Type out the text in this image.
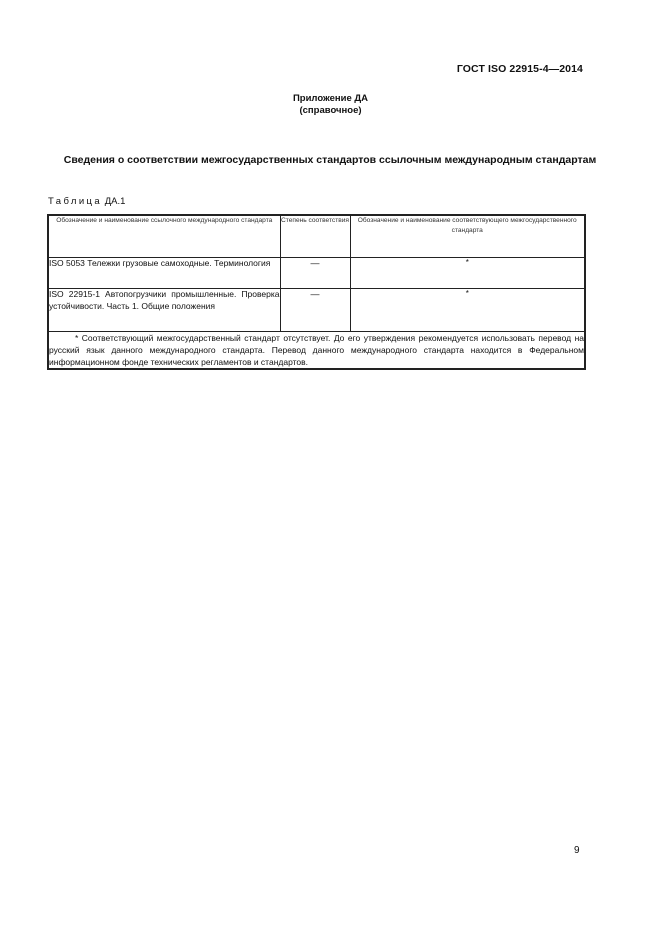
ГОСТ ISO 22915-4—2014
Приложение ДА
(справочное)
Сведения о соответствии межгосударственных стандартов ссылочным международным стандартам
Таблица ДА.1
Обозначение и наименование ссылочного международного стандарта	Степень соответствия	Обозначение и наименование соответствующего межгосударственного стандарта
ISO 5053 Тележки грузовые самоходные. Терминология	—	*
ISO 22915-1 Автопогрузчики промышленные. Проверка устойчивости. Часть 1. Общие положения	—	*

* Соответствующий межгосударственный стандарт отсутствует. До его утверждения рекомендуется использовать перевод на русский язык данного международного стандарта. Перевод данного международного стандарта находится в Федеральном информационном фонде технических регламентов и стандартов.		
9
